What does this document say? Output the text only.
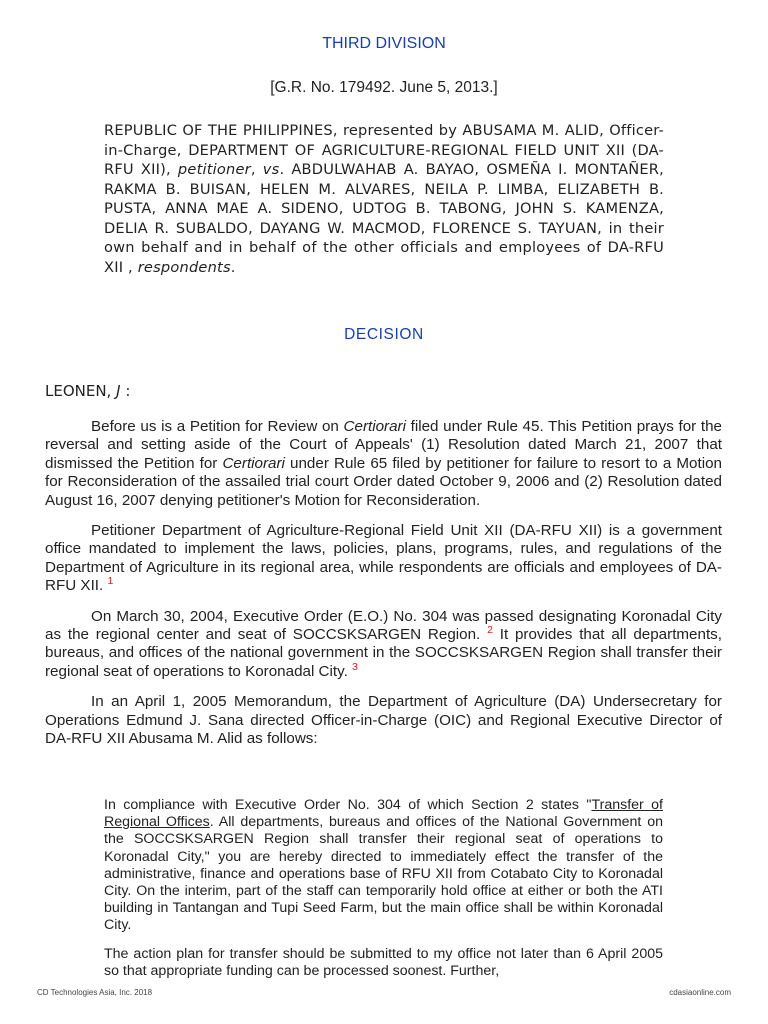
THIRD DIVISION
[G.R. No. 179492. June 5, 2013.]
REPUBLIC OF THE PHILIPPINES, represented by ABUSAMA M. ALID, Officer-in-Charge, DEPARTMENT OF AGRICULTURE-REGIONAL FIELD UNIT XII (DA-RFU XII), petitioner, vs. ABDULWAHAB A. BAYAO, OSMEÑA I. MONTAÑER, RAKMA B. BUISAN, HELEN M. ALVARES, NEILA P. LIMBA, ELIZABETH B. PUSTA, ANNA MAE A. SIDENO, UDTOG B. TABONG, JOHN S. KAMENZA, DELIA R. SUBALDO, DAYANG W. MACMOD, FLORENCE S. TAYUAN, in their own behalf and in behalf of the other officials and employees of DA-RFU XII , respondents.
DECISION
LEONEN, J :

Before us is a Petition for Review on Certiorari filed under Rule 45. This Petition prays for the reversal and setting aside of the Court of Appeals' (1) Resolution dated March 21, 2007 that dismissed the Petition for Certiorari under Rule 65 filed by petitioner for failure to resort to a Motion for Reconsideration of the assailed trial court Order dated October 9, 2006 and (2) Resolution dated August 16, 2007 denying petitioner's Motion for Reconsideration.

Petitioner Department of Agriculture-Regional Field Unit XII (DA-RFU XII) is a government office mandated to implement the laws, policies, plans, programs, rules, and regulations of the Department of Agriculture in its regional area, while respondents are officials and employees of DA-RFU XII. $^1$

On March 30, 2004, Executive Order (E.O.) No. 304 was passed designating Koronadal City as the regional center and seat of SOCCSKSARGEN Region. $^2$ It provides that all departments, bureaus, and offices of the national government in the SOCCSKSARGEN Region shall transfer their regional seat of operations to Koronadal City. $^3$

In an April 1, 2005 Memorandum, the Department of Agriculture (DA) Undersecretary for Operations Edmund J. Sana directed Officer-in-Charge (OIC) and Regional Executive Director of DA-RFU XII Abusama M. Alid as follows:

In compliance with Executive Order No. 304 of which Section 2 states "Transfer of Regional Offices. All departments, bureaus and offices of the National Government on the SOCCSKSARGEN Region shall transfer their regional seat of operations to Koronadal City," you are hereby directed to immediately effect the transfer of the administrative, finance and operations base of RFU XII from Cotabato City to Koronadal City. On the interim, part of the staff can temporarily hold office at either or both the ATI building in Tantangan and Tupi Seed Farm, but the main office shall be within Koronadal City.

The action plan for transfer should be submitted to my office not later than 6 April 2005 so that appropriate funding can be processed soonest. Further,

CD Technologies Asia, Inc. 2018	cdasiaonline.com
